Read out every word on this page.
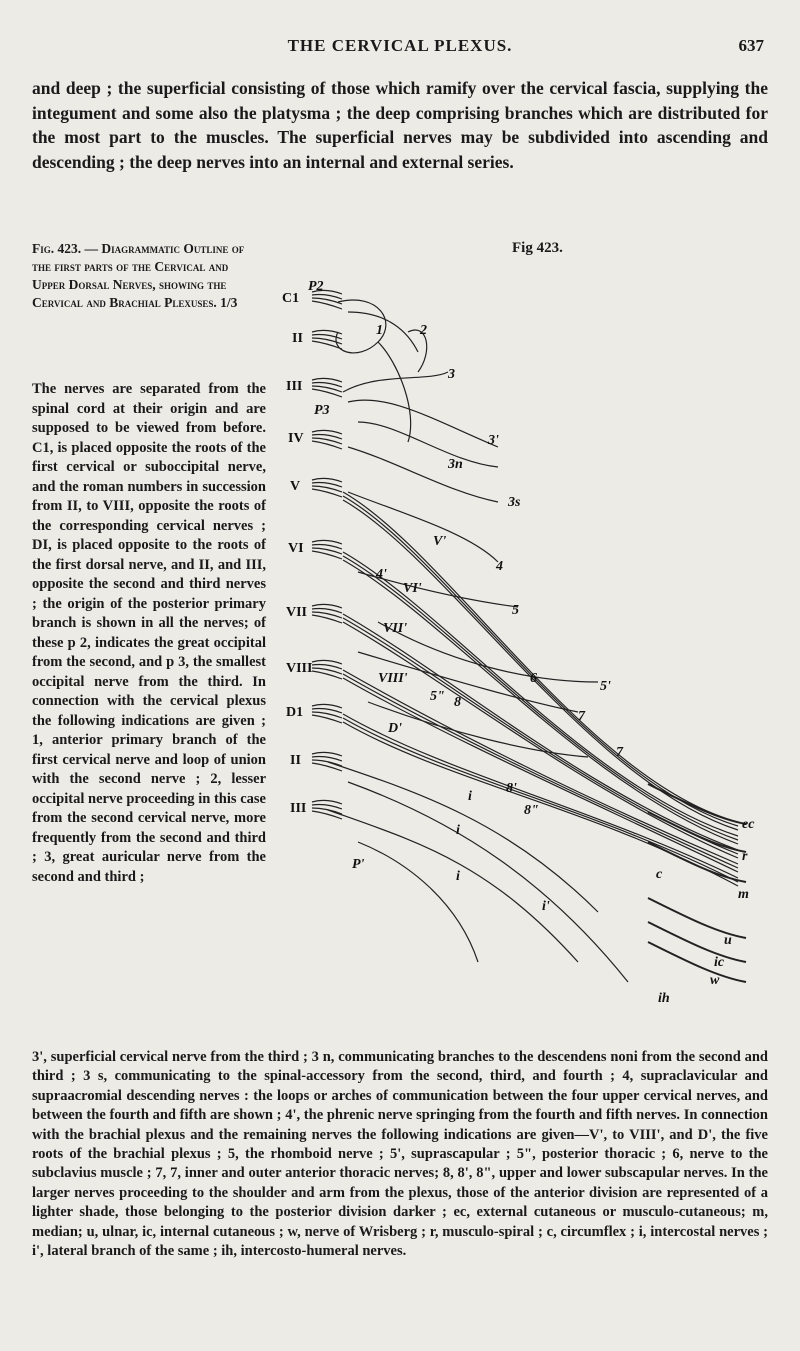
THE CERVICAL PLEXUS.	637
and deep ; the superficial consisting of those which ramify over the cervical fascia, supplying the integument and some also the platysma ; the deep comprising branches which are distributed for the most part to the muscles. The superficial nerves may be subdivided into ascending and descending ; the deep nerves into an internal and external series.
Fig. 423. — Diagrammatic Outline of the first parts of the Cervical and Upper Dorsal Nerves, showing the Cervical and Brachial Plexuses. 1/3
The nerves are separated from the spinal cord at their origin and are supposed to be viewed from before. C1, is placed opposite the roots of the first cervical or suboccipital nerve, and the roman numbers in succession from II, to VIII, opposite the roots of the corresponding cervical nerves ; DI, is placed opposite to the roots of the first dorsal nerve, and II, and III, opposite the second and third nerves ; the origin of the posterior primary branch is shown in all the nerves; of these p 2, indicates the great occipital from the second, and p 3, the smallest occipital nerve from the third. In connection with the cervical plexus the following indications are given ; 1, anterior primary branch of the first cervical nerve and loop of union with the second nerve ; 2, lesser occipital nerve proceeding in this case from the second cervical nerve, more frequently from the second and third ; 3, great auricular nerve from the second and third ;
Fig 423.
C1
II
III
IV
V
VI
VII
VIII
D1
II
III
P2
1	2
3
P3
3'
3n
3s
V'
4
4'
VI'
5
VII'
6
5'
VIII'
5" 8
7
D'
7
8'
8"
i
i
i
i'
P'
ec
r
c
m
u
ic
w
ih
3', superficial cervical nerve from the third ; 3 n, communicating branches to the descendens noni from the second and third ; 3 s, communicating to the spinal-accessory from the second, third, and fourth ; 4, supraclavicular and supraacromial descending nerves : the loops or arches of communication between the four upper cervical nerves, and between the fourth and fifth are shown ; 4', the phrenic nerve springing from the fourth and fifth nerves. In connection with the brachial plexus and the remaining nerves the following indications are given—V', to VIII', and D', the five roots of the brachial plexus ; 5, the rhomboid nerve ; 5', suprascapular ; 5", posterior thoracic ; 6, nerve to the subclavius muscle ; 7, 7, inner and outer anterior thoracic nerves; 8, 8', 8", upper and lower subscapular nerves. In the larger nerves proceeding to the shoulder and arm from the plexus, those of the anterior division are represented of a lighter shade, those belonging to the posterior division darker ; ec, external cutaneous or musculo-cutaneous; m, median; u, ulnar, ic, internal cutaneous ; w, nerve of Wrisberg ; r, musculo-spiral ; c, circumflex ; i, intercostal nerves ; i', lateral branch of the same ; ih, intercosto-humeral nerves.
